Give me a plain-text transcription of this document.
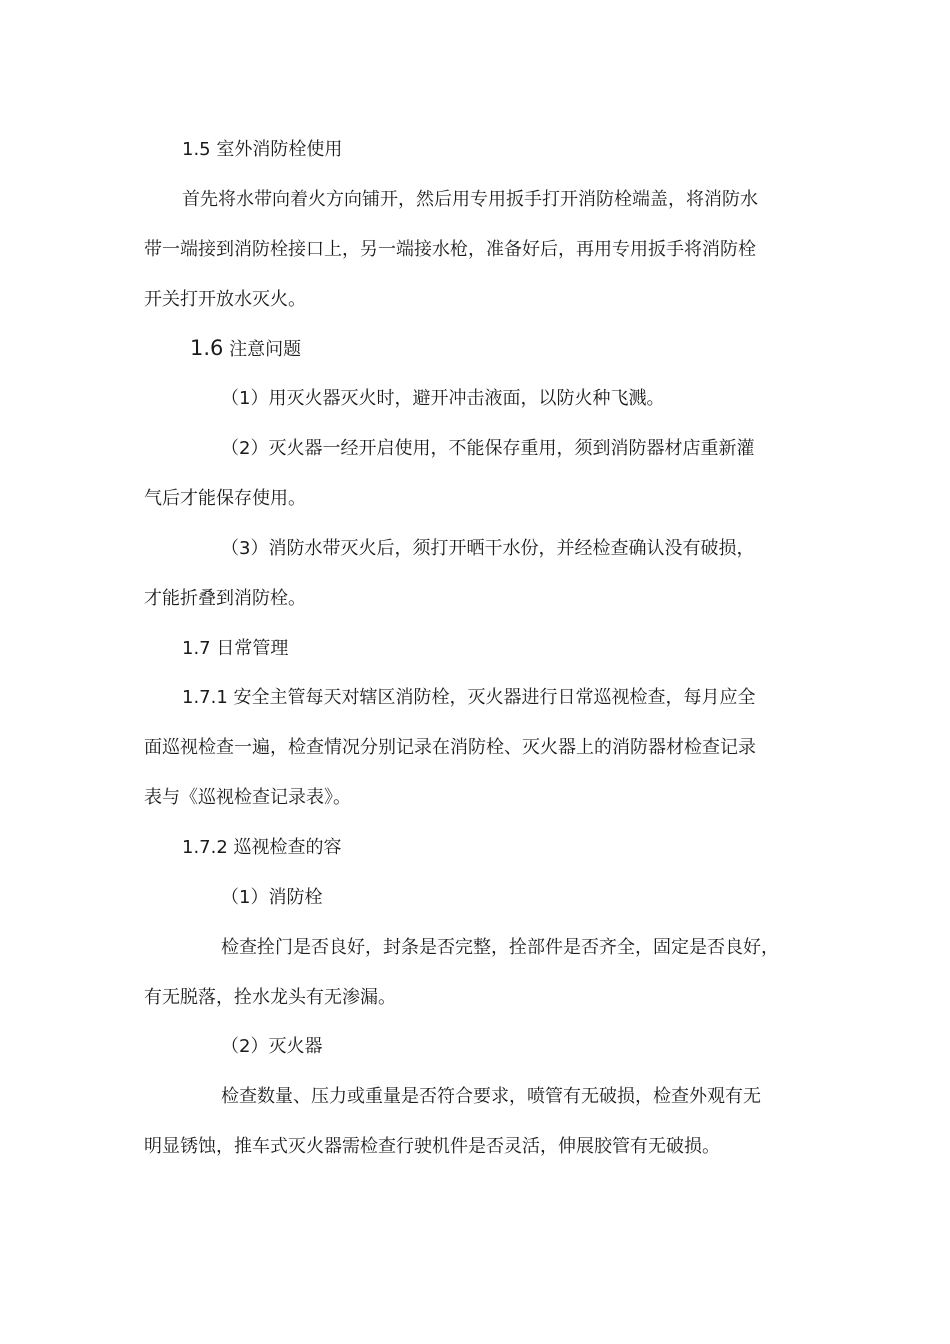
1.5 室外消防栓使用

首先将水带向着火方向铺开，然后用专用扳手打开消防栓端盖，将消防水

带一端接到消防栓接口上，另一端接水枪，准备好后，再用专用扳手将消防栓

开关打开放水灭火。

1.6 注意问题

（1）用灭火器灭火时，避开冲击液面，以防火种飞溅。

（2）灭火器一经开启使用，不能保存重用，须到消防器材店重新灌

气后才能保存使用。

（3）消防水带灭火后，须打开晒干水份，并经检查确认没有破损，

才能折叠到消防栓。

1.7 日常管理

1.7.1 安全主管每天对辖区消防栓，灭火器进行日常巡视检查，每月应全

面巡视检查一遍，检查情况分别记录在消防栓、灭火器上的消防器材检查记录

表与《巡视检查记录表》。

1.7.2 巡视检查的容

（1）消防栓

检查拴门是否良好，封条是否完整，拴部件是否齐全，固定是否良好，

有无脱落，拴水龙头有无渗漏。

（2）灭火器

检查数量、压力或重量是否符合要求，喷管有无破损，检查外观有无

明显锈蚀，推车式灭火器需检查行驶机件是否灵活，伸展胶管有无破损。
